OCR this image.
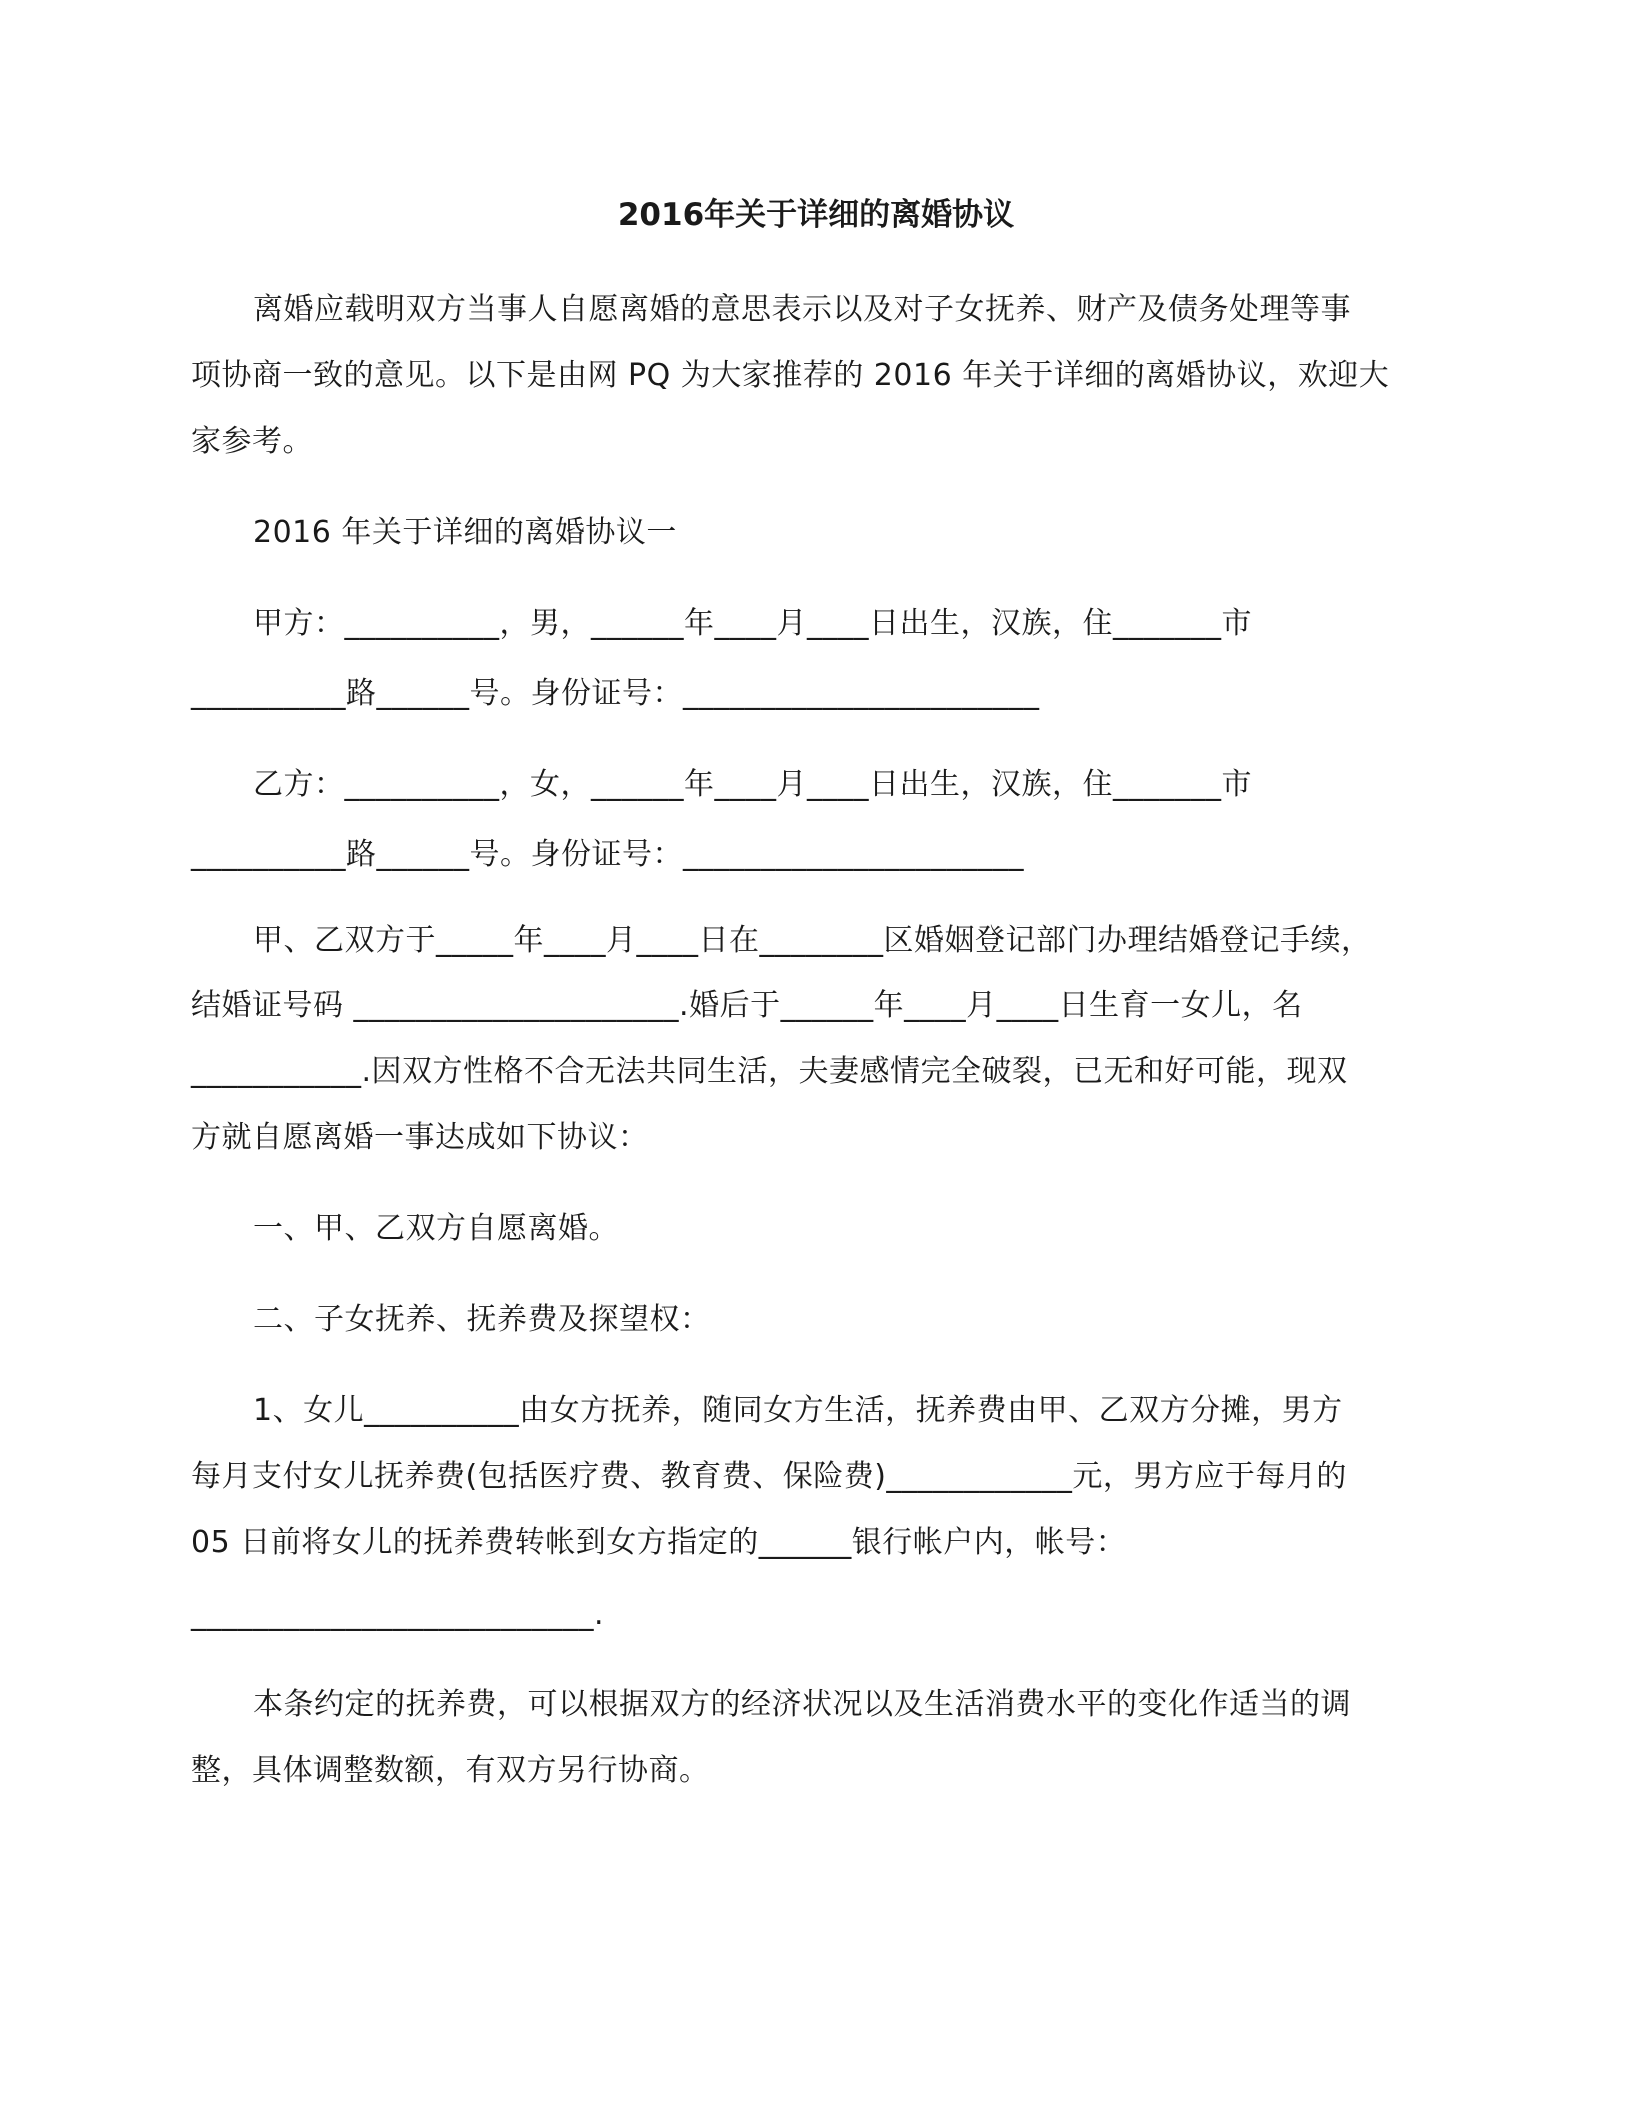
2016年关于详细的离婚协议
离婚应载明双方当事人自愿离婚的意思表示以及对子女抚养、财产及债务处理等事
项协商一致的意见。以下是由网 PQ 为大家推荐的 2016 年关于详细的离婚协议，欢迎大
家参考。
2016 年关于详细的离婚协议一
甲方：__________，男，______年____月____日出生，汉族，住_______市
__________路______号。身份证号：_______________________
乙方：__________，女，______年____月____日出生，汉族，住_______市
__________路______号。身份证号：______________________
甲、乙双方于_____年____月____日在________区婚姻登记部门办理结婚登记手续，
结婚证号码 _____________________.婚后于______年____月____日生育一女儿，名
___________.因双方性格不合无法共同生活，夫妻感情完全破裂，已无和好可能，现双
方就自愿离婚一事达成如下协议：
一、甲、乙双方自愿离婚。
二、子女抚养、抚养费及探望权：
1、女儿__________由女方抚养，随同女方生活，抚养费由甲、乙双方分摊，男方
每月支付女儿抚养费(包括医疗费、教育费、保险费)____________元，男方应于每月的
05 日前将女儿的抚养费转帐到女方指定的______银行帐户内，帐号：
__________________________.
本条约定的抚养费，可以根据双方的经济状况以及生活消费水平的变化作适当的调
整，具体调整数额，有双方另行协商。
